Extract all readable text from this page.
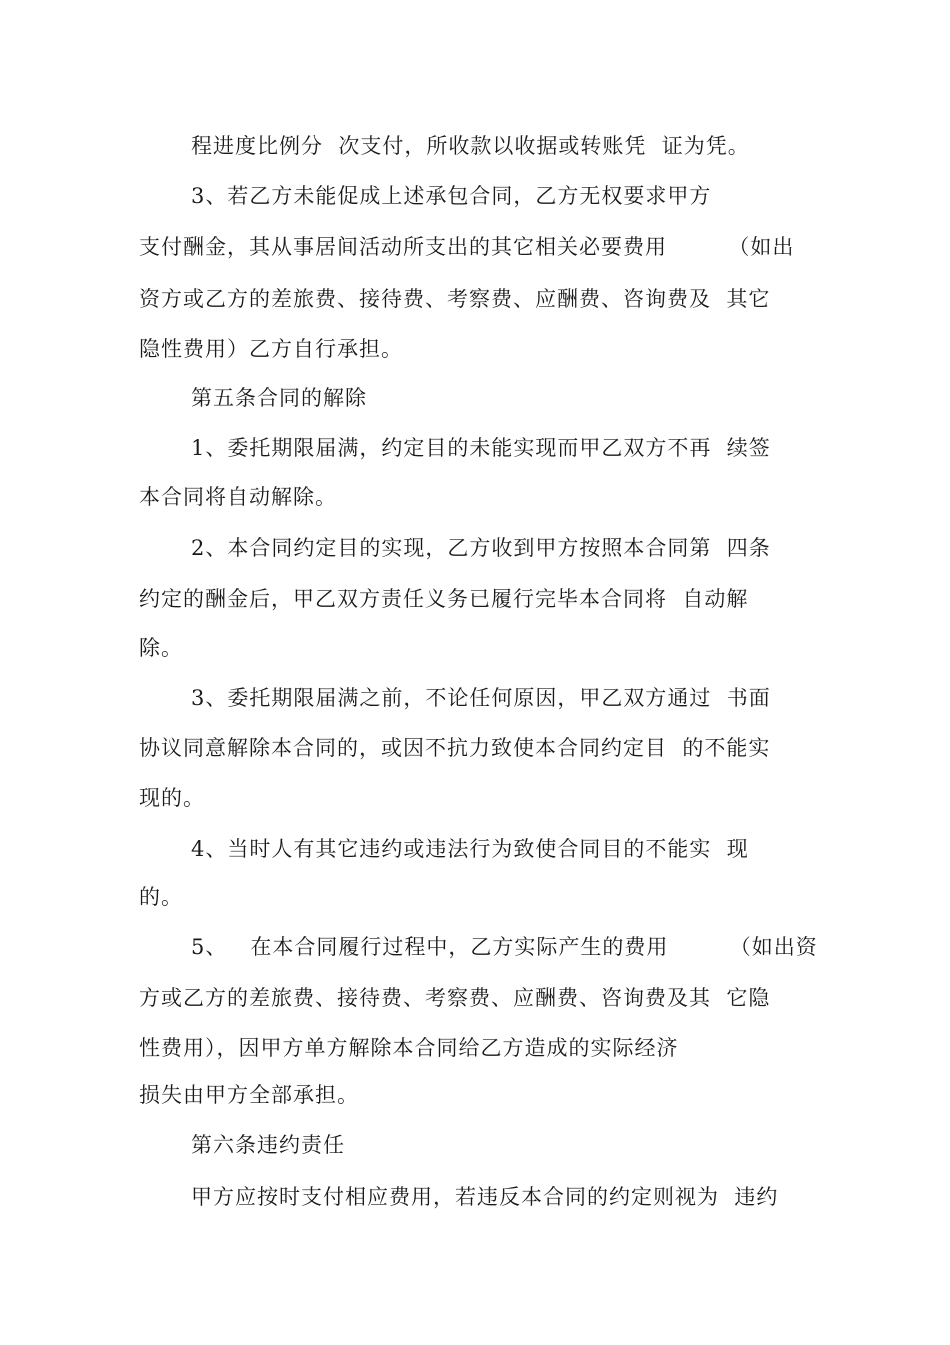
程进度比例分  次支付，所收款以收据或转账凭  证为凭。
3、若乙方未能促成上述承包合同，乙方无权要求甲方
支付酬金，其从事居间活动所支出的其它相关必要费用        （如出
资方或乙方的差旅费、接待费、考察费、应酬费、咨询费及  其它
隐性费用）乙方自行承担。
第五条合同的解除
1、委托期限届满，约定目的未能实现而甲乙双方不再  续签
本合同将自动解除。
2、本合同约定目的实现，乙方收到甲方按照本合同第  四条
约定的酬金后，甲乙双方责任义务已履行完毕本合同将  自动解
除。
3、委托期限届满之前，不论任何原因，甲乙双方通过  书面
协议同意解除本合同的，或因不抗力致使本合同约定目  的不能实
现的。
4、当时人有其它违约或违法行为致使合同目的不能实  现
的。
5、   在本合同履行过程中，乙方实际产生的费用        （如出资
方或乙方的差旅费、接待费、考察费、应酬费、咨询费及其  它隐
性费用），因甲方单方解除本合同给乙方造成的实际经济
损失由甲方全部承担。
第六条违约责任
甲方应按时支付相应费用，若违反本合同的约定则视为  违约
